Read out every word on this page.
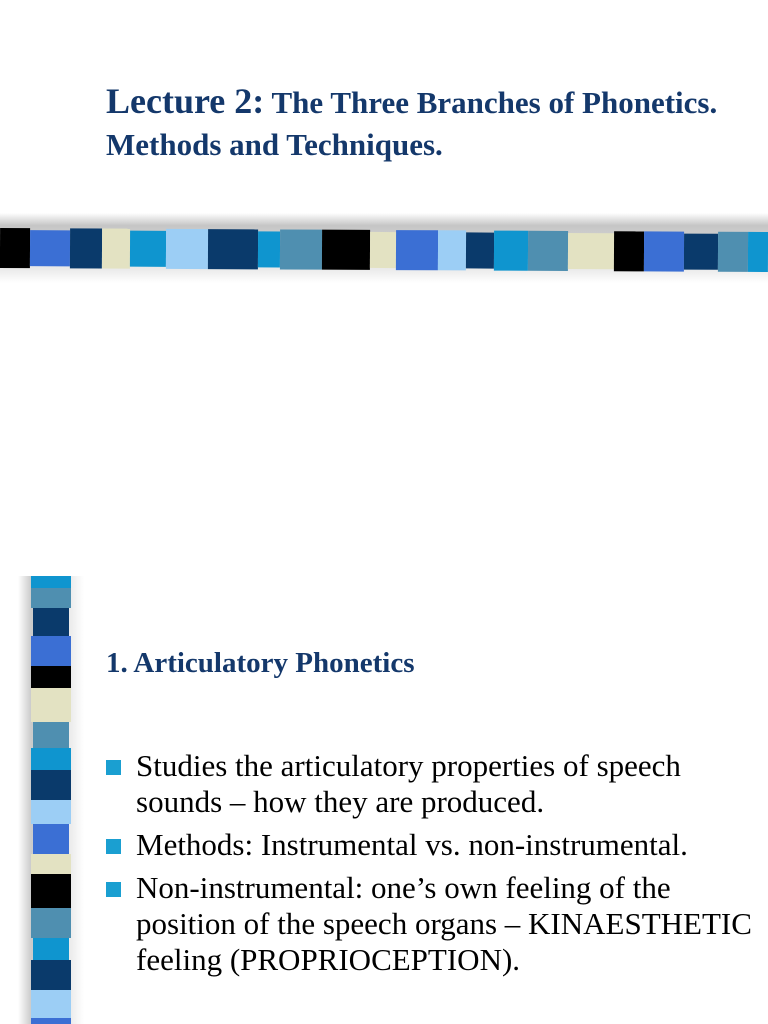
Lecture 2: The Three Branches of Phonetics. Methods and Techniques.
1. Articulatory Phonetics
Studies the articulatory properties of speech sounds – how they are produced.
Methods: Instrumental vs. non-instrumental.
Non-instrumental: one’s own feeling of the position of the speech organs – KINAESTHETIC feeling (PROPRIOCEPTION).
